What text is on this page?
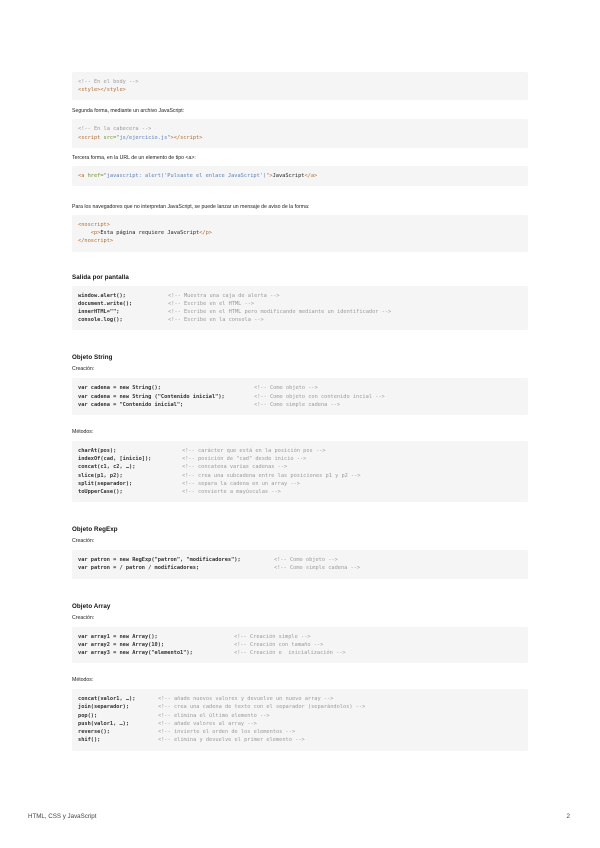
<!-- En el body -->
<style></style>
Segunda forma, mediante un archivo JavaScript:
<!-- En la cabecera -->
<script src="js/ejercicio.js"></script>
Tercera forma, en la URL de un elemento de tipo <a>:
<a href="javascript: alert('Pulsaste el enlace JavaScript')">JavaScript</a>
Para los navegadores que no interpretan JavaScript, se puede lanzar un mensaje de aviso de la forma:
<noscript>
<p>Esta página requiere JavaScript</p>
</noscript>
Salida por pantalla
window.alert();	<!-- Muestra una caja de alerta -->
document.write();	<!-- Escribe en el HTML -->
innerHTML="";	<!-- Escribe en el HTML pero modificando mediante un identificador -->
console.log();	<!-- Escribe en la consola -->
Objeto String
Creación:
var cadena = new String();	<!-- Como objeto -->
var cadena = new String ("Contenido inicial");	<!-- Como objeto con contenido incial -->
var cadena = "Contenido inicial";	<!-- Como simple cadena -->
Métodos:
charAt(pos);	<!-- carácter que está en la posición pos -->
indexOf(cad, [inicio]);	<!-- posición de "cad" desde inicio -->
concat(c1, c2, …);	<!-- concatena varias cadenas -->
slice(p1, p2);	<!-- crea una subcadena entre las posiciones p1 y p2 -->
split(separador);	<!-- separa la cadena en un array -->
toUpperCase();	<!-- convierte a mayúsculas -->
Objeto RegExp
Creación:
var patron = new RegExp("patron", "modificadores");	<!-- Como objeto -->
var patron = / patron / modificadores;	<!-- Como simple cadena -->
Objeto Array
Creación:
var array1 = new Array();	<!-- Creación simple -->
var array2 = new Array(10);	<!-- Creación con tamaño -->
var array3 = new Array("elemento1");	<!-- Creación e  inicialización -->
Métodos:
concat(valor1, …);	<!-- añade nuevos valores y devuelve un nuevo array -->
join(separador);	<!-- crea una cadena de texto con el separador (separándolos) -->
pop();	<!-- elimina el último elemento -->
push(valor1, …);	<!-- añade valores al array -->
reverse();	<!-- invierte el orden de los elementos -->
shif();	<!-- elimina y devuelve el primer elemento -->
HTML, CSS y JavaScript	2
